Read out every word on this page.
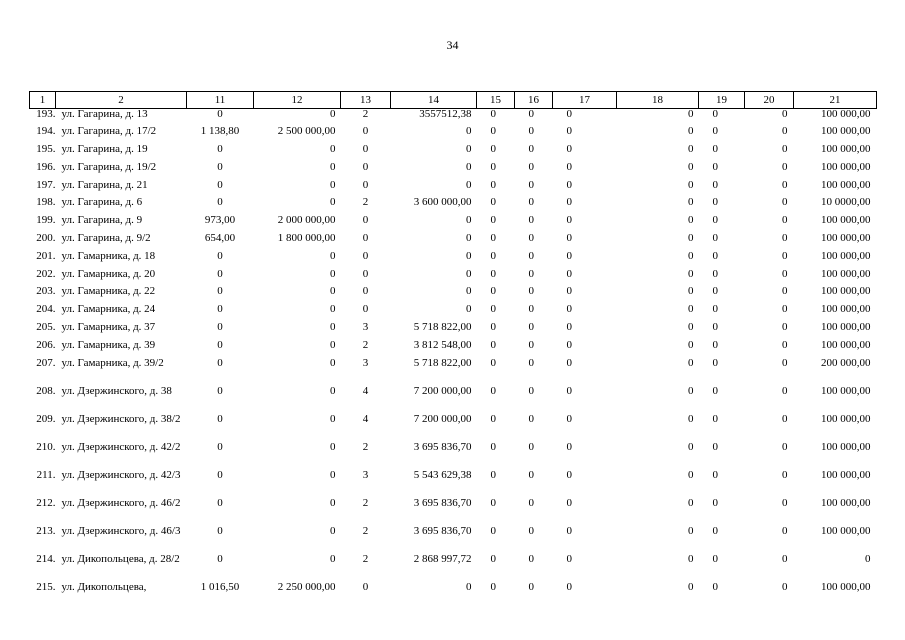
34
1	2	11	12	13	14	15	16	17	18	19	20	21
193.	ул. Гагарина, д. 13	0	0	2	3557512,38	0	0	0	0	0	0	100 000,00
194.	ул. Гагарина, д. 17/2	1 138,80	2 500 000,00	0	0	0	0	0	0	0	0	100 000,00
195.	ул. Гагарина, д. 19	0	0	0	0	0	0	0	0	0	0	100 000,00
196.	ул. Гагарина, д. 19/2	0	0	0	0	0	0	0	0	0	0	100 000,00
197.	ул. Гагарина, д. 21	0	0	0	0	0	0	0	0	0	0	100 000,00
198.	ул. Гагарина, д. 6	0	0	2	3 600 000,00	0	0	0	0	0	0	10 0000,00
199.	ул. Гагарина, д. 9	973,00	2 000 000,00	0	0	0	0	0	0	0	0	100 000,00
200.	ул. Гагарина, д. 9/2	654,00	1 800 000,00	0	0	0	0	0	0	0	0	100 000,00
201.	ул. Гамарника, д. 18	0	0	0	0	0	0	0	0	0	0	100 000,00
202.	ул. Гамарника, д. 20	0	0	0	0	0	0	0	0	0	0	100 000,00
203.	ул. Гамарника, д. 22	0	0	0	0	0	0	0	0	0	0	100 000,00
204.	ул. Гамарника, д. 24	0	0	0	0	0	0	0	0	0	0	100 000,00
205.	ул. Гамарника, д. 37	0	0	3	5 718 822,00	0	0	0	0	0	0	100 000,00
206.	ул. Гамарника, д. 39	0	0	2	3 812 548,00	0	0	0	0	0	0	100 000,00
207.	ул. Гамарника, д. 39/2	0	0	3	5 718 822,00	0	0	0	0	0	0	200 000,00
208.	ул. Дзержинского, д. 38	0	0	4	7 200 000,00	0	0	0	0	0	0	100 000,00
209.	ул. Дзержинского, д. 38/2	0	0	4	7 200 000,00	0	0	0	0	0	0	100 000,00
210.	ул. Дзержинского, д. 42/2	0	0	2	3 695 836,70	0	0	0	0	0	0	100 000,00
211.	ул. Дзержинского, д. 42/3	0	0	3	5 543 629,38	0	0	0	0	0	0	100 000,00
212.	ул. Дзержинского, д. 46/2	0	0	2	3 695 836,70	0	0	0	0	0	0	100 000,00
213.	ул. Дзержинского, д. 46/3	0	0	2	3 695 836,70	0	0	0	0	0	0	100 000,00
214.	ул. Дикопольцева, д. 28/2	0	0	2	2 868 997,72	0	0	0	0	0	0	0
215.	ул. Дикопольцева,	1 016,50	2 250 000,00	0	0	0	0	0	0	0	0	100 000,00
